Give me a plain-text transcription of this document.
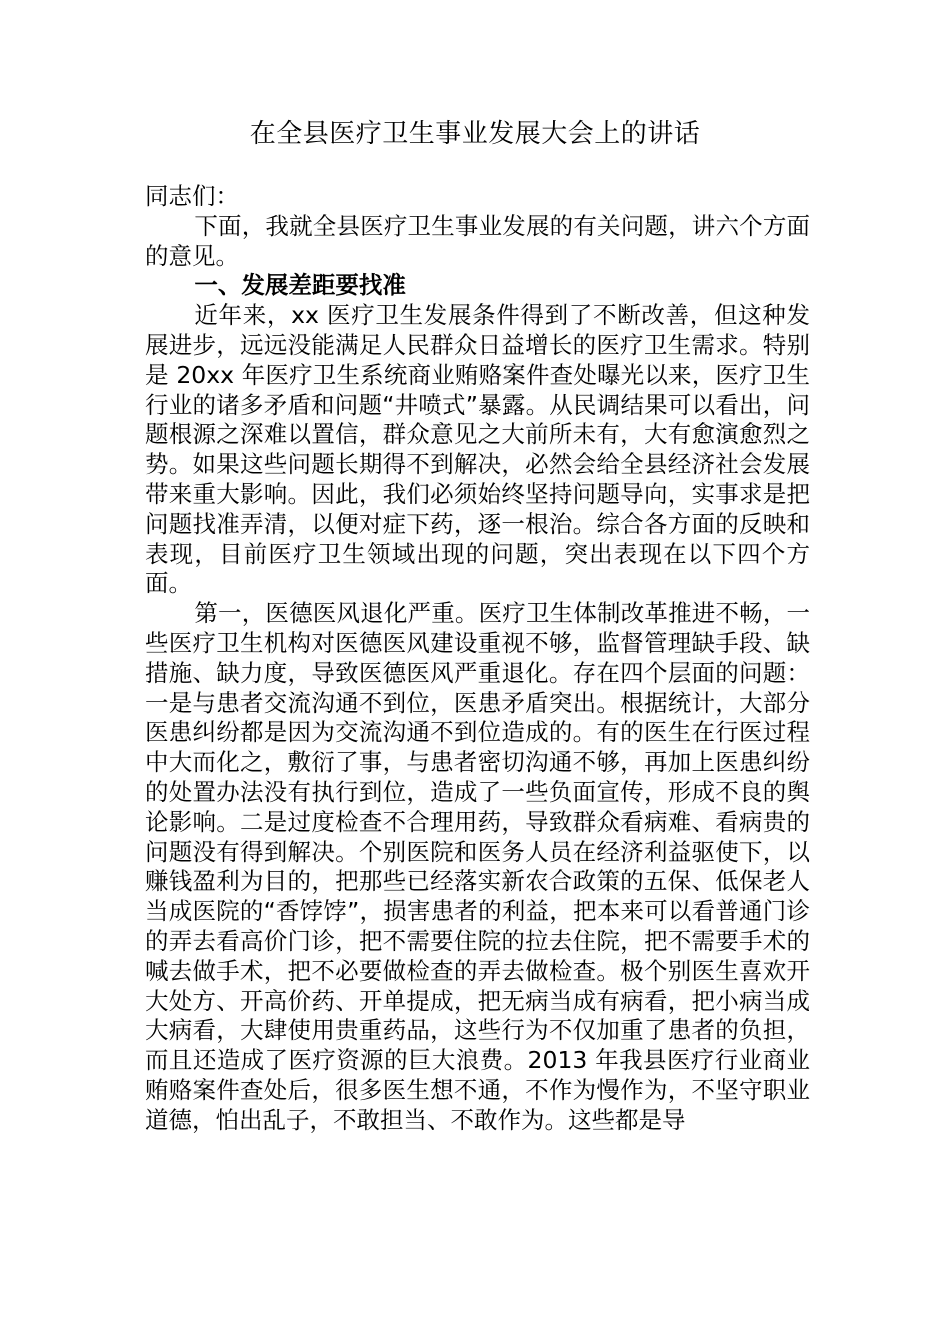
在全县医疗卫生事业发展大会上的讲话

同志们：

下面，我就全县医疗卫生事业发展的有关问题，讲六个方面的意见。

一、发展差距要找准

近年来，xx 医疗卫生发展条件得到了不断改善，但这种发展进步，远远没能满足人民群众日益增长的医疗卫生需求。特别是 20xx 年医疗卫生系统商业贿赂案件查处曝光以来，医疗卫生行业的诸多矛盾和问题“井喷式”暴露。从民调结果可以看出，问题根源之深难以置信，群众意见之大前所未有，大有愈演愈烈之势。如果这些问题长期得不到解决，必然会给全县经济社会发展带来重大影响。因此，我们必须始终坚持问题导向，实事求是把问题找准弄清，以便对症下药，逐一根治。综合各方面的反映和表现，目前医疗卫生领域出现的问题，突出表现在以下四个方面。

第一，医德医风退化严重。医疗卫生体制改革推进不畅，一些医疗卫生机构对医德医风建设重视不够，监督管理缺手段、缺措施、缺力度，导致医德医风严重退化。存在四个层面的问题：一是与患者交流沟通不到位，医患矛盾突出。根据统计，大部分医患纠纷都是因为交流沟通不到位造成的。有的医生在行医过程中大而化之，敷衍了事，与患者密切沟通不够，再加上医患纠纷的处置办法没有执行到位，造成了一些负面宣传，形成不良的舆论影响。二是过度检查不合理用药，导致群众看病难、看病贵的问题没有得到解决。个别医院和医务人员在经济利益驱使下，以赚钱盈利为目的，把那些已经落实新农合政策的五保、低保老人当成医院的“香饽饽”，损害患者的利益，把本来可以看普通门诊的弄去看高价门诊，把不需要住院的拉去住院，把不需要手术的喊去做手术，把不必要做检查的弄去做检查。极个别医生喜欢开大处方、开高价药、开单提成，把无病当成有病看，把小病当成大病看，大肆使用贵重药品，这些行为不仅加重了患者的负担，而且还造成了医疗资源的巨大浪费。2013 年我县医疗行业商业贿赂案件查处后，很多医生想不通，不作为慢作为，不坚守职业道德，怕出乱子，不敢担当、不敢作为。这些都是导
